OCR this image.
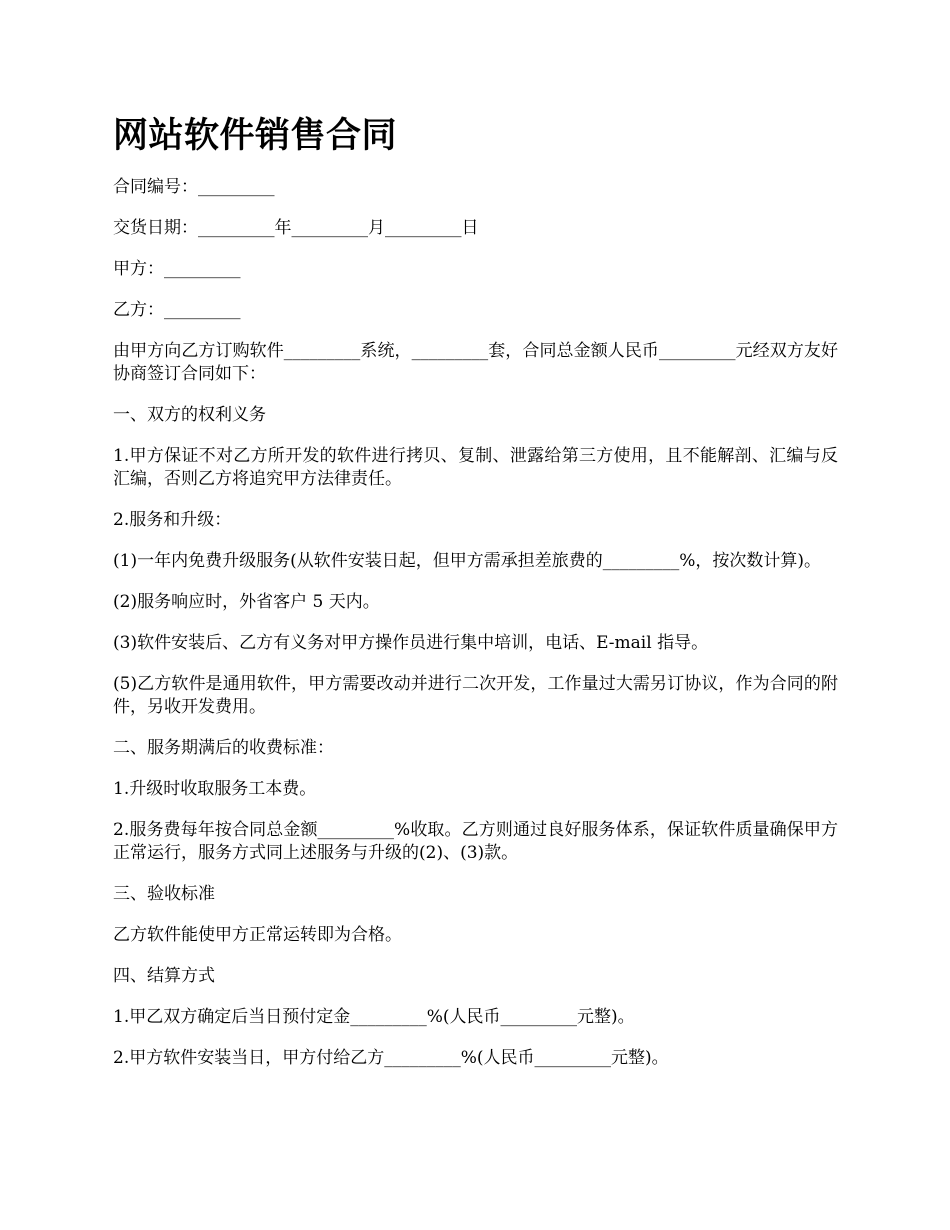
网站软件销售合同

合同编号：_________

交货日期：_________年_________月_________日

甲方：_________

乙方：_________

由甲方向乙方订购软件_________系统，_________套，合同总金额人民币_________元经双方友好协商签订合同如下：

一、双方的权利义务

1.甲方保证不对乙方所开发的软件进行拷贝、复制、泄露给第三方使用，且不能解剖、汇编与反汇编，否则乙方将追究甲方法律责任。

2.服务和升级：

(1)一年内免费升级服务(从软件安装日起，但甲方需承担差旅费的_________%，按次数计算)。

(2)服务响应时，外省客户 5 天内。

(3)软件安装后、乙方有义务对甲方操作员进行集中培训，电话、E-mail 指导。

(5)乙方软件是通用软件，甲方需要改动并进行二次开发，工作量过大需另订协议，作为合同的附件，另收开发费用。

二、服务期满后的收费标准：

1.升级时收取服务工本费。

2.服务费每年按合同总金额_________%收取。乙方则通过良好服务体系，保证软件质量确保甲方正常运行，服务方式同上述服务与升级的(2)、(3)款。

三、验收标准

乙方软件能使甲方正常运转即为合格。

四、结算方式

1.甲乙双方确定后当日预付定金_________%(人民币_________元整)。

2.甲方软件安装当日，甲方付给乙方_________%(人民币_________元整)。
